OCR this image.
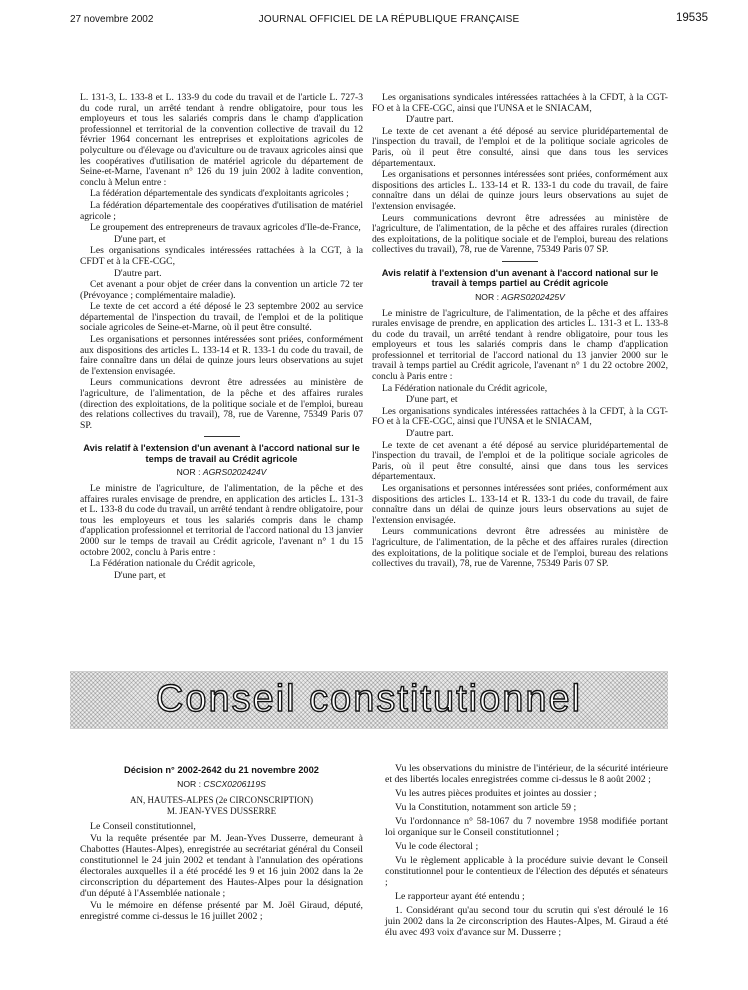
27 novembre 2002	JOURNAL OFFICIEL DE LA RÉPUBLIQUE FRANÇAISE	19535

L. 131-3, L. 133-8 et L. 133-9 du code du travail et de l'article L. 727-3 du code rural, un arrêté tendant à rendre obligatoire, pour tous les employeurs et tous les salariés compris dans le champ d'application professionnel et territorial de la convention collective de travail du 12 février 1964 concernant les entreprises et exploitations agricoles de polyculture ou d'élevage ou d'aviculture ou de travaux agricoles ainsi que les coopératives d'utilisation de matériel agricole du département de Seine-et-Marne, l'avenant n° 126 du 19 juin 2002 à ladite convention, conclu à Melun entre :

La fédération départementale des syndicats d'exploitants agricoles ;

La fédération départementale des coopératives d'utilisation de matériel agricole ;

Le groupement des entrepreneurs de travaux agricoles d'Ile-de-France,

D'une part, et

Les organisations syndicales intéressées rattachées à la CGT, à la CFDT et à la CFE-CGC,

D'autre part.

Cet avenant a pour objet de créer dans la convention un article 72 ter (Prévoyance ; complémentaire maladie).

Le texte de cet accord a été déposé le 23 septembre 2002 au service départemental de l'inspection du travail, de l'emploi et de la politique sociale agricoles de Seine-et-Marne, où il peut être consulté.

Les organisations et personnes intéressées sont priées, conformément aux dispositions des articles L. 133-14 et R. 133-1 du code du travail, de faire connaître dans un délai de quinze jours leurs observations au sujet de l'extension envisagée.

Leurs communications devront être adressées au ministère de l'agriculture, de l'alimentation, de la pêche et des affaires rurales (direction des exploitations, de la politique sociale et de l'emploi, bureau des relations collectives du travail), 78, rue de Varenne, 75349 Paris 07 SP.

Avis relatif à l'extension d'un avenant à l'accord national sur le temps de travail au Crédit agricole
NOR : AGRS0202424V

Le ministre de l'agriculture, de l'alimentation, de la pêche et des affaires rurales envisage de prendre, en application des articles L. 131-3 et L. 133-8 du code du travail, un arrêté tendant à rendre obligatoire, pour tous les employeurs et tous les salariés compris dans le champ d'application professionnel et territorial de l'accord national du 13 janvier 2000 sur le temps de travail au Crédit agricole, l'avenant n° 1 du 15 octobre 2002, conclu à Paris entre :

La Fédération nationale du Crédit agricole,

D'une part, et

Les organisations syndicales intéressées rattachées à la CFDT, à la CGT-FO et à la CFE-CGC, ainsi que l'UNSA et le SNIACAM,

D'autre part.

Le texte de cet avenant a été déposé au service pluridépartemental de l'inspection du travail, de l'emploi et de la politique sociale agricoles de Paris, où il peut être consulté, ainsi que dans tous les services départementaux.

Les organisations et personnes intéressées sont priées, conformément aux dispositions des articles L. 133-14 et R. 133-1 du code du travail, de faire connaître dans un délai de quinze jours leurs observations au sujet de l'extension envisagée.

Leurs communications devront être adressées au ministère de l'agriculture, de l'alimentation, de la pêche et des affaires rurales (direction des exploitations, de la politique sociale et de l'emploi, bureau des relations collectives du travail), 78, rue de Varenne, 75349 Paris 07 SP.

Avis relatif à l'extension d'un avenant à l'accord national sur le travail à temps partiel au Crédit agricole
NOR : AGRS0202425V

Le ministre de l'agriculture, de l'alimentation, de la pêche et des affaires rurales envisage de prendre, en application des articles L. 131-3 et L. 133-8 du code du travail, un arrêté tendant à rendre obligatoire, pour tous les employeurs et tous les salariés compris dans le champ d'application professionnel et territorial de l'accord national du 13 janvier 2000 sur le travail à temps partiel au Crédit agricole, l'avenant n° 1 du 22 octobre 2002, conclu à Paris entre :

La Fédération nationale du Crédit agricole,

D'une part, et

Les organisations syndicales intéressées rattachées à la CFDT, à la CGT-FO et à la CFE-CGC, ainsi que l'UNSA et le SNIACAM,

D'autre part.

Le texte de cet avenant a été déposé au service pluridépartemental de l'inspection du travail, de l'emploi et de la politique sociale agricoles de Paris, où il peut être consulté, ainsi que dans tous les services départementaux.

Les organisations et personnes intéressées sont priées, conformément aux dispositions des articles L. 133-14 et R. 133-1 du code du travail, de faire connaître dans un délai de quinze jours leurs observations au sujet de l'extension envisagée.

Leurs communications devront être adressées au ministère de l'agriculture, de l'alimentation, de la pêche et des affaires rurales (direction des exploitations, de la politique sociale et de l'emploi, bureau des relations collectives du travail), 78, rue de Varenne, 75349 Paris 07 SP.

Conseil constitutionnel
Décision n° 2002-2642 du 21 novembre 2002
NOR : CSCX0206119S
AN, HAUTES-ALPES (2e CIRCONSCRIPTION)
M. JEAN-YVES DUSSERRE

Le Conseil constitutionnel,

Vu la requête présentée par M. Jean-Yves Dusserre, demeurant à Chabottes (Hautes-Alpes), enregistrée au secrétariat général du Conseil constitutionnel le 24 juin 2002 et tendant à l'annulation des opérations électorales auxquelles il a été procédé les 9 et 16 juin 2002 dans la 2e circonscription du département des Hautes-Alpes pour la désignation d'un député à l'Assemblée nationale ;

Vu le mémoire en défense présenté par M. Joël Giraud, député, enregistré comme ci-dessus le 16 juillet 2002 ;

Vu les observations du ministre de l'intérieur, de la sécurité intérieure et des libertés locales enregistrées comme ci-dessus le 8 août 2002 ;

Vu les autres pièces produites et jointes au dossier ;

Vu la Constitution, notamment son article 59 ;

Vu l'ordonnance n° 58-1067 du 7 novembre 1958 modifiée portant loi organique sur le Conseil constitutionnel ;

Vu le code électoral ;

Vu le règlement applicable à la procédure suivie devant le Conseil constitutionnel pour le contentieux de l'élection des députés et sénateurs ;

Le rapporteur ayant été entendu ;

1. Considérant qu'au second tour du scrutin qui s'est déroulé le 16 juin 2002 dans la 2e circonscription des Hautes-Alpes, M. Giraud a été élu avec 493 voix d'avance sur M. Dusserre ;
